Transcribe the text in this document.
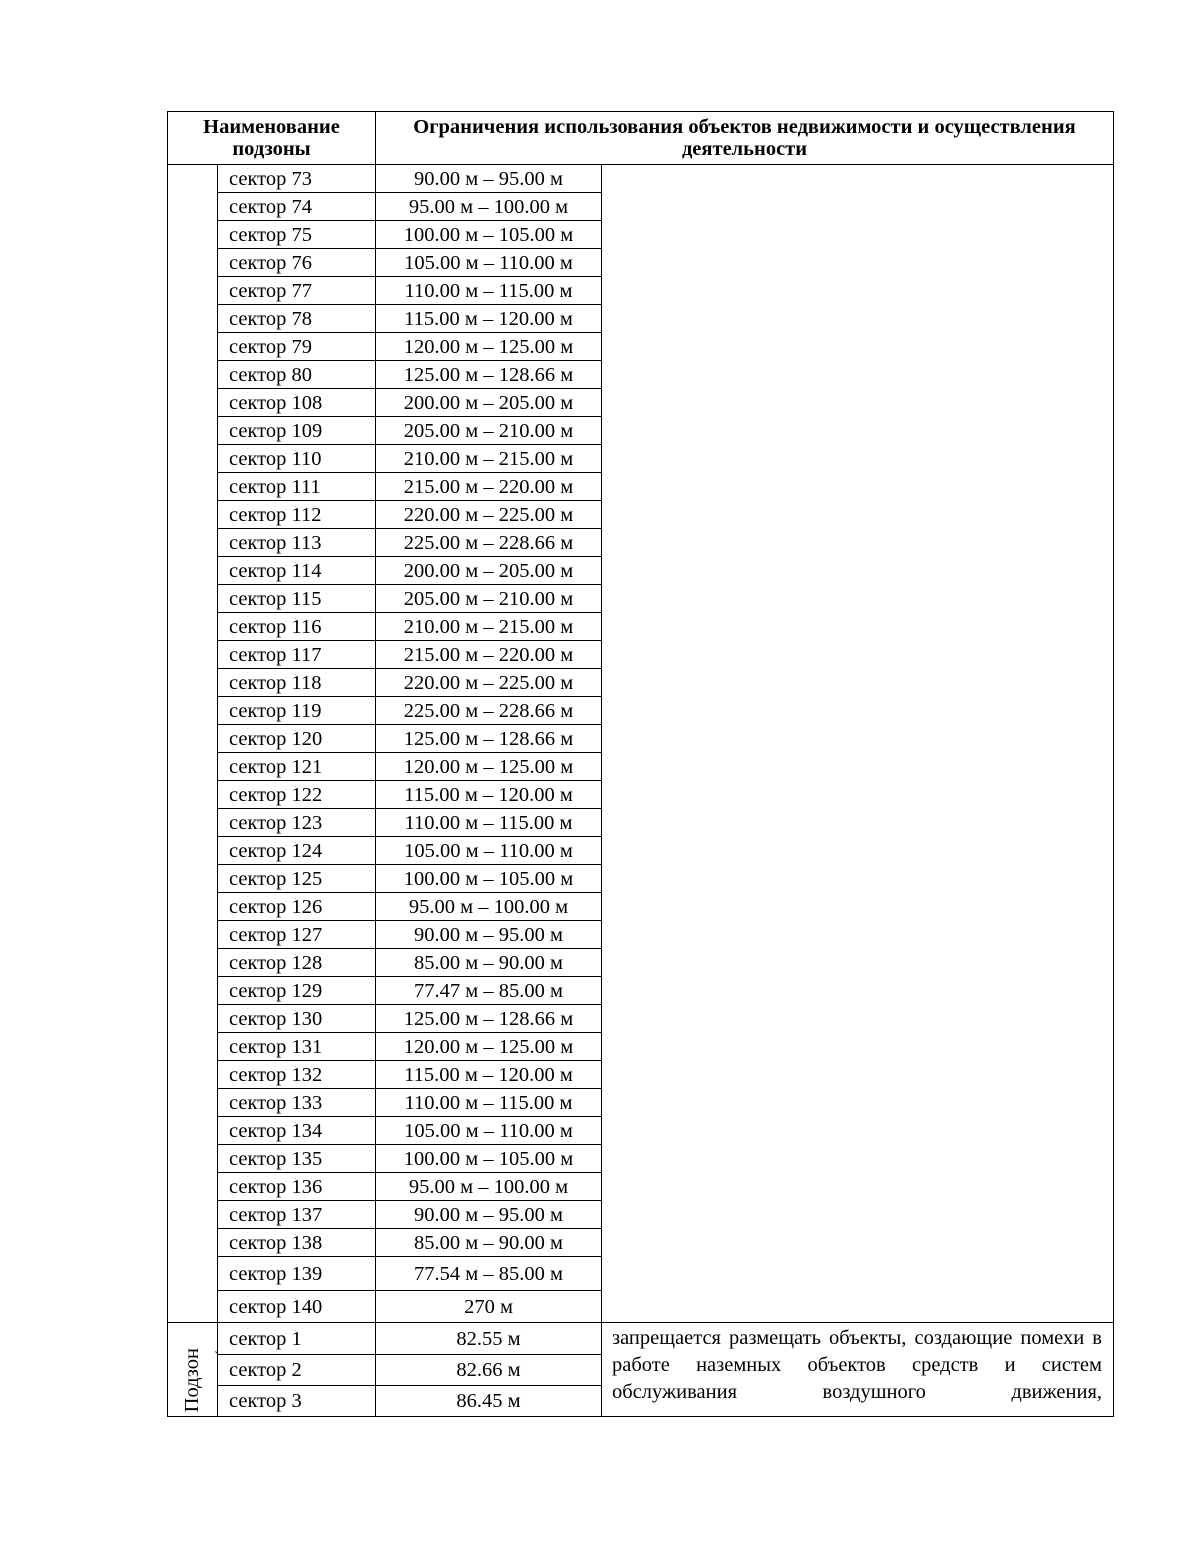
Наименование подзоны		Ограничения использования объектов недвижимости и осуществления деятельности	
	сектор 73	90.00 м – 95.00 м	
	сектор 74	95.00 м – 100.00 м	
	сектор 75	100.00 м – 105.00 м	
	сектор 76	105.00 м – 110.00 м	
	сектор 77	110.00 м – 115.00 м	
	сектор 78	115.00 м – 120.00 м	
	сектор 79	120.00 м – 125.00 м	
	сектор 80	125.00 м – 128.66 м	
	сектор 108	200.00 м – 205.00 м	
	сектор 109	205.00 м – 210.00 м	
	сектор 110	210.00 м – 215.00 м	
	сектор 111	215.00 м – 220.00 м	
	сектор 112	220.00 м – 225.00 м	
	сектор 113	225.00 м – 228.66 м	
	сектор 114	200.00 м – 205.00 м	
	сектор 115	205.00 м – 210.00 м	
	сектор 116	210.00 м – 215.00 м	
	сектор 117	215.00 м – 220.00 м	
	сектор 118	220.00 м – 225.00 м	
	сектор 119	225.00 м – 228.66 м	
	сектор 120	125.00 м – 128.66 м	
	сектор 121	120.00 м – 125.00 м	
	сектор 122	115.00 м – 120.00 м	
	сектор 123	110.00 м – 115.00 м	
	сектор 124	105.00 м – 110.00 м	
	сектор 125	100.00 м – 105.00 м	
	сектор 126	95.00 м – 100.00 м	
	сектор 127	90.00 м – 95.00 м	
	сектор 128	85.00 м – 90.00 м	
	сектор 129	77.47 м – 85.00 м	
	сектор 130	125.00 м – 128.66 м	
	сектор 131	120.00 м – 125.00 м	
	сектор 132	115.00 м – 120.00 м	
	сектор 133	110.00 м – 115.00 м	
	сектор 134	105.00 м – 110.00 м	
	сектор 135	100.00 м – 105.00 м	
	сектор 136	95.00 м – 100.00 м	
	сектор 137	90.00 м – 95.00 м	
	сектор 138	85.00 м – 90.00 м	
	сектор 139	77.54 м – 85.00 м	
	сектор 140	270 м	

Подзон ˋ	сектор 1	82.55 м	запрещается размещать объекты, создающие помехи в работе наземных объектов средств и систем обслуживания воздушного движения,
	сектор 2	82.66 м	
	сектор 3	86.45 м	
